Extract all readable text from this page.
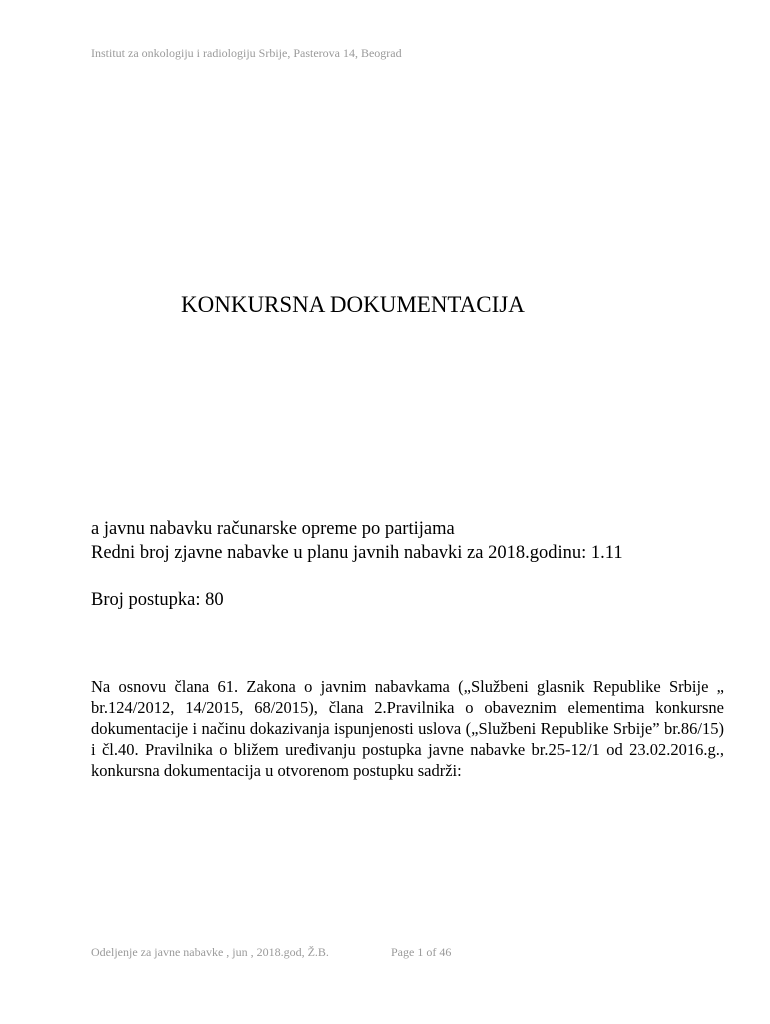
Institut za onkologiju i radiologiju Srbije, Pasterova 14, Beograd
KONKURSNA DOKUMENTACIJA
a javnu nabavku računarske opreme po partijama
Redni broj zjavne nabavke u planu javnih nabavki za 2018.godinu: 1.11
Broj postupka: 80

Na osnovu člana 61. Zakona o javnim nabavkama („Službeni glasnik Republike Srbije „ br.124/2012, 14/2015, 68/2015), člana 2.Pravilnika o obaveznim elementima konkursne dokumentacije i načinu dokazivanja ispunjenosti uslova („Službeni Republike Srbije” br.86/15) i čl.40. Pravilnika o bližem uređivanju postupka javne nabavke br.25-12/1 od 23.02.2016.g., konkursna dokumentacija u otvorenom postupku sadrži:

Odeljenje za javne nabavke , jun , 2018.god, Ž.B.	Page 1 of 46
